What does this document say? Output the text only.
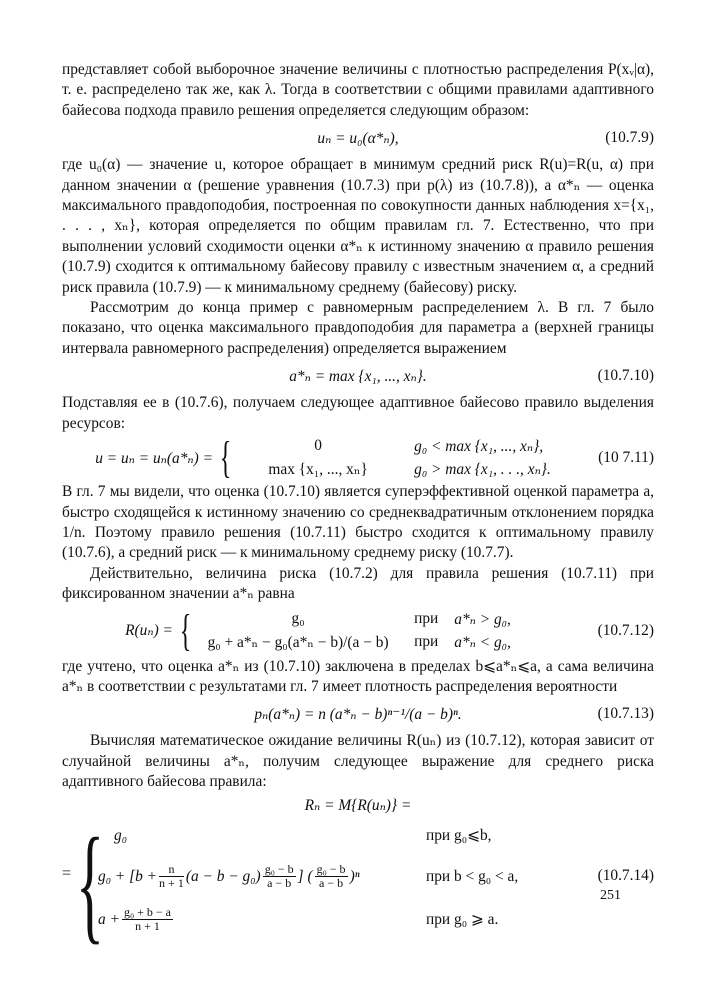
представляет собой выборочное значение величины с плотностью распределения P(xᵥ|α), т. е. распределено так же, как λ. Тогда в соответствии с общими правилами адаптивного байесова подхода правило решения определяется следующим образом:

uₙ = u₀(α*ₙ),	(10.7.9)

где u₀(α) — значение u, которое обращает в минимум средний риск R(u)=R(u, α) при данном значении α (решение уравнения (10.7.3) при p(λ) из (10.7.8)), а α*ₙ — оценка максимального правдоподобия, построенная по совокупности данных наблюдения x={x₁, . . . , xₙ}, которая определяется по общим правилам гл. 7. Естественно, что при выполнении условий сходимости оценки α*ₙ к истинному значению α правило решения (10.7.9) сходится к оптимальному байесову правилу с известным значением α, а средний риск правила (10.7.9) — к минимальному среднему (байесову) риску.

Рассмотрим до конца пример с равномерным распределением λ. В гл. 7 было показано, что оценка максимального правдоподобия для параметра a (верхней границы интервала равномерного распределения) определяется выражением

a*ₙ = max {x₁, ..., xₙ}.	(10.7.10)

Подставляя ее в (10.7.6), получаем следующее адаптивное байесово правило выделения ресурсов:

u = uₙ = uₙ(a*ₙ) = {	0	g₀ < max {x₁, ..., xₙ},
max {x₁, ..., xₙ}	g₀ > max {x₁, . . ., xₙ}.
(10 7.11)

В гл. 7 мы видели, что оценка (10.7.10) является суперэффективной оценкой параметра a, быстро сходящейся к истинному значению со среднеквадратичным отклонением порядка 1/n. Поэтому правило решения (10.7.11) быстро сходится к оптимальному правилу (10.7.6), а средний риск — к минимальному среднему риску (10.7.7).

Действительно, величина риска (10.7.2) для правила решения (10.7.11) при фиксированном значении a*ₙ равна

R(uₙ) = {	g₀	при a*ₙ > g₀,
g₀ + a*ₙ − g₀(a*ₙ − b)/(a − b)	при a*ₙ < g₀,
(10.7.12)

где учтено, что оценка a*ₙ из (10.7.10) заключена в пределах b⩽a*ₙ⩽a, а сама величина a*ₙ в соответствии с результатами гл. 7 имеет плотность распределения вероятности

pₙ(a*ₙ) = n (a*ₙ − b)ⁿ⁻¹/(a − b)ⁿ.	(10.7.13)

Вычисляя математическое ожидание величины R(uₙ) из (10.7.12), которая зависит от случайной величины a*ₙ, получим следующее выражение для среднего риска адаптивного байесова правила:

Rₙ = M{R(uₙ)} =
= { g₀	при g₀⩽b,
$g_0 + [b + \frac{n}{n + 1} (a - b - g_0) \frac{\text{g₀ − b}}{a - b}$ ] ( $\frac{\text{g₀ − b}}{a - b} )^n$	при b < g₀ < a,
$a + \frac{\text{g₀ + b − a}}{n + 1}$	при g₀ ⩾ a.
(10.7.14)
251
